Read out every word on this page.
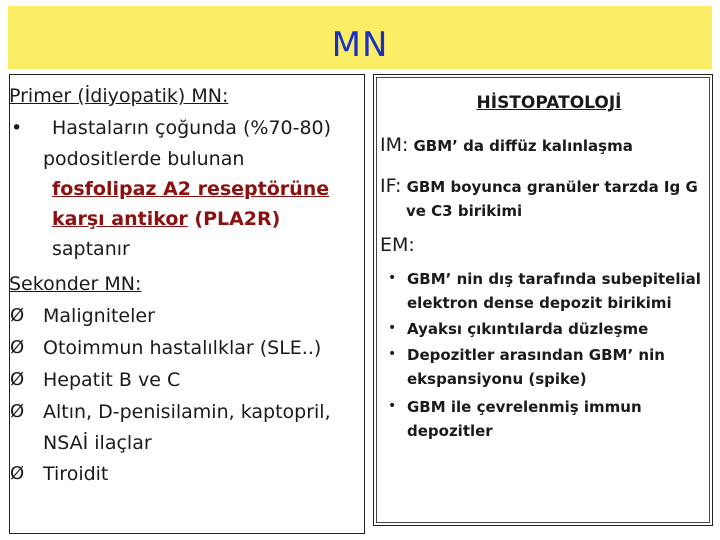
MN
Primer (İdiyopatik) MN:
• Hastaların çoğunda (%70-80)
podositlerde bulunan
fosfolipaz A2 reseptörüne
karşı antikor (PLA2R) saptanır
Sekonder MN:
Ø Maligniteler
Ø Otoimmun hastalılklar (SLE..)
Ø Hepatit B ve C
Ø Altın, D-penisilamin, kaptopril,
NSAİ ilaçlar
Ø Tiroidit
HİSTOPATOLOJİ
IM: GBM’ da diffüz kalınlaşma
IF: GBM boyunca granüler tarzda Ig G
ve C3 birikimi
EM:
• GBM’ nin dış tarafında subepitelial
elektron dense depozit birikimi
• Ayaksı çıkıntılarda düzleşme
• Depozitler arasından GBM’ nin
ekspansiyonu (spike)
• GBM ile çevrelenmiş immun
depozitler
